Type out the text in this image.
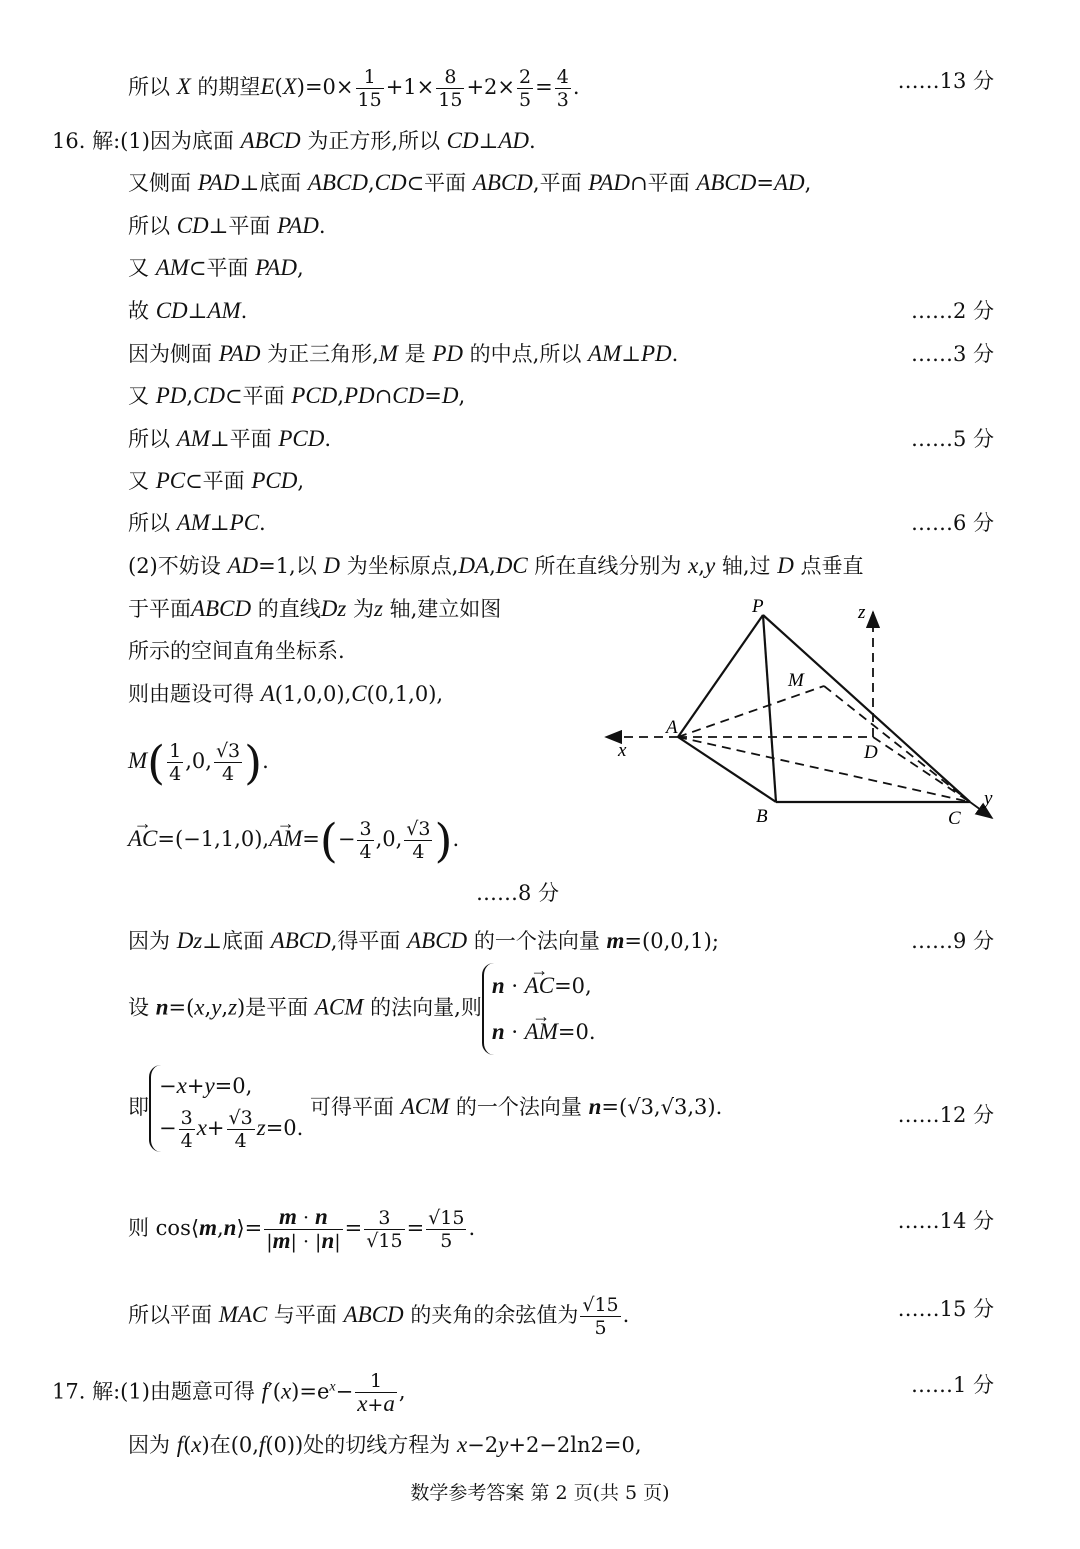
所以 X 的期望$E(X)=0\times \frac{1}{15} +1\times \frac{8}{15} +2\times \frac{2}{5} = \frac{4}{3}$ .	……13 分
16. 解:(1)因为底面 ABCD 为正方形,所以 CD⊥AD.
又侧面 PAD⊥底面 ABCD,CD⊂平面 ABCD,平面 PAD∩平面 ABCD=AD,
所以 CD⊥平面 PAD.
又 AM⊂平面 PAD,
故 CD⊥AM.	……2 分
因为侧面 PAD 为正三角形,M 是 PD 的中点,所以 AM⊥PD.	……3 分
又 PD,CD⊂平面 PCD,PD∩CD=D,
所以 AM⊥平面 PCD.	……5 分
又 PC⊂平面 PCD,
所以 AM⊥PC.	……6 分
(2)不妨设 AD=1,以 D 为坐标原点,DA,DC 所在直线分别为 x,y 轴,过 D 点垂直
于平面ABCD 的直线Dz 为z 轴,建立如图
所示的空间直角坐标系.
则由题设可得 A(1,0,0),C(0,1,0),
$M( \frac{1}{4} ,0$, $\frac{√3}{4}$ ).
→ $AC=(-1,1,0),\to AM=(- \frac{3}{4} ,0$, $\frac{√3}{4}$ ).
……8 分
P	z
M
A
x	D
B	C
y
因为 Dz⊥底面 ABCD,得平面 ABCD 的一个法向量 m=(0,0,1);	……9 分
设 n=(x,y,z)是平面 ACM 的法向量,则
n · → AC=0,
n · → AM=0.
即
−x+y=0,
− $\frac{3}{4} x+ \frac{√3}{4} z=0$.
可得平面 ACM 的一个法向量 n=(√3,√3,3).	……12 分
则 cos⟨m,n⟩= $\frac{m \cdot n}{|m| \cdot |n|} = \frac{3}{√15} = \frac{√15}{5}$ .	……14 分
所以平面 MAC 与平面 ABCD 的夹角的余弦值为 $\frac{√15}{5}$ .	……15 分
17. 解:(1)由题意可得 $f'(x)=e^x- \frac{1}{x+a}$ ,	……1 分
因为 f(x)在(0,f(0))处的切线方程为 x−2y+2−2ln2=0,
数学参考答案 第 2 页(共 5 页)
